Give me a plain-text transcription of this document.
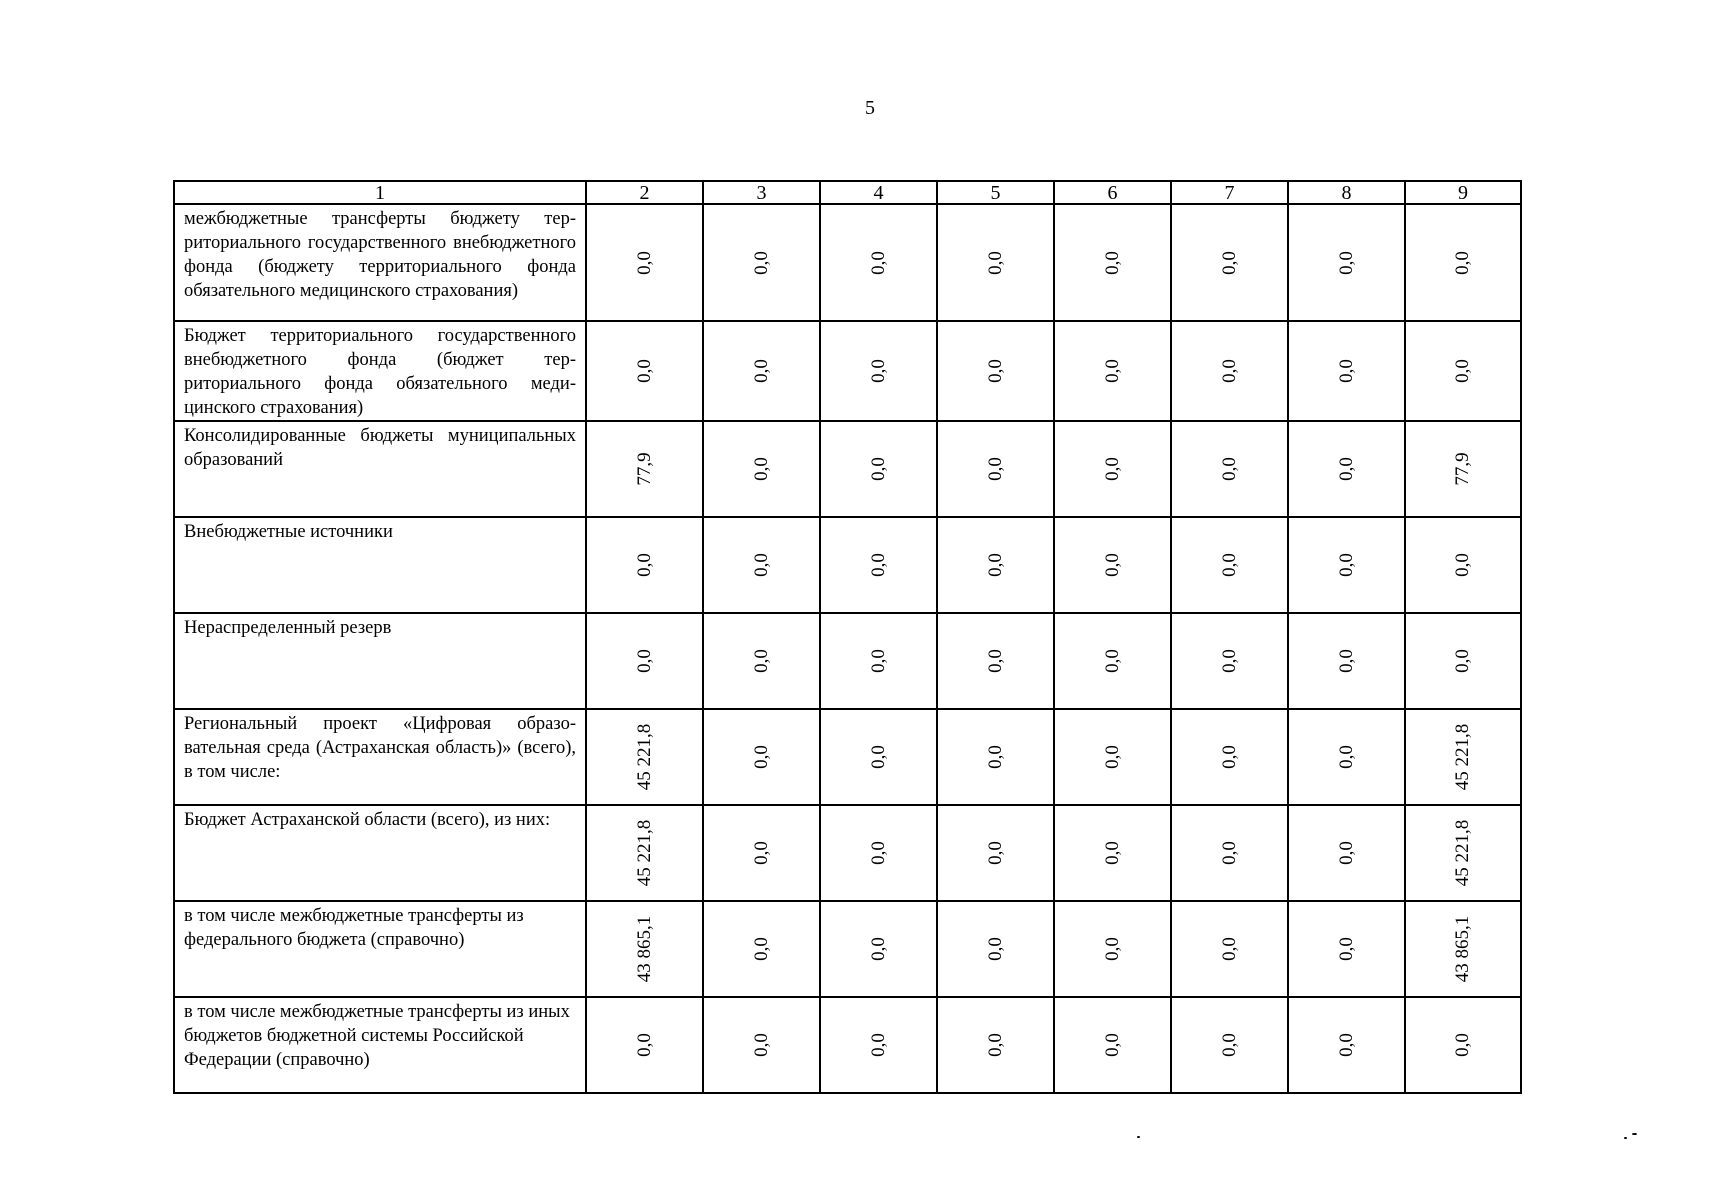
5
1	2	3	4	5	6	7	8	9
межбюджетные трансферты бюджету территориального государственного внебюджетного фонда (бюджету территориального фонда обязательного медицинского страхования)	0,0	0,0	0,0	0,0	0,0	0,0	0,0	0,0

Бюджет территориального государственного внебюджетного фонда (бюджет территориального фонда обязательного медицинского страхования)	0,0	0,0	0,0	0,0	0,0	0,0	0,0	0,0

Консолидированные бюджеты муниципальных образований	77,9	0,0	0,0	0,0	0,0	0,0	0,0	77,9

Внебюджетные источники	0,0	0,0	0,0	0,0	0,0	0,0	0,0	0,0

Нераспределенный резерв	0,0	0,0	0,0	0,0	0,0	0,0	0,0	0,0

Региональный проект «Цифровая образовательная среда (Астраханская область)» (всего), в том числе:	45 221,8	0,0	0,0	0,0	0,0	0,0	0,0	45 221,8

Бюджет Астраханской области (всего), из них:	45 221,8	0,0	0,0	0,0	0,0	0,0	0,0	45 221,8

в том числе межбюджетные трансферты из федерального бюджета (справочно)	43 865,1	0,0	0,0	0,0	0,0	0,0	0,0	43 865,1

в том числе межбюджетные трансферты из иных бюджетов бюджетной системы Российской Федерации (справочно)	0,0	0,0	0,0	0,0	0,0	0,0	0,0	0,0
